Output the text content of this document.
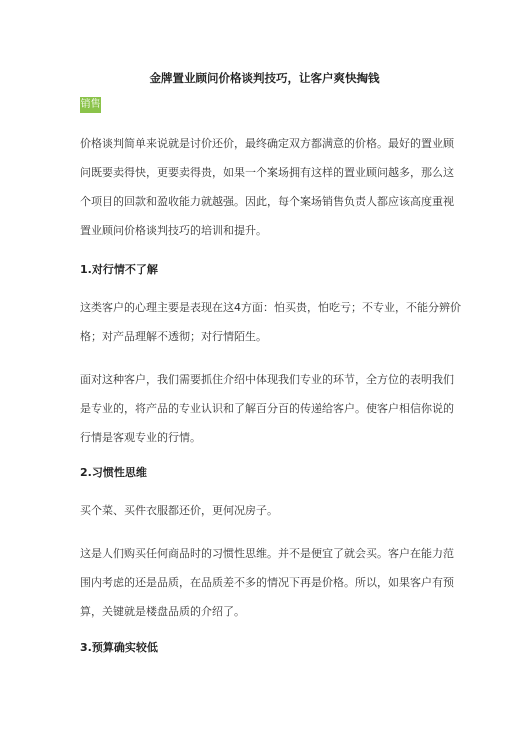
金牌置业顾问价格谈判技巧，让客户爽快掏钱
销售
价格谈判简单来说就是讨价还价，最终确定双方都满意的价格。最好的置业顾
问既要卖得快，更要卖得贵，如果一个案场拥有这样的置业顾问越多，那么这
个项目的回款和盈收能力就越强。因此，每个案场销售负责人都应该高度重视
置业顾问价格谈判技巧的培训和提升。
1.对行情不了解
这类客户的心理主要是表现在这4方面：怕买贵，怕吃亏；不专业，不能分辨价
格；对产品理解不透彻；对行情陌生。
面对这种客户，我们需要抓住介绍中体现我们专业的环节，全方位的表明我们
是专业的，将产品的专业认识和了解百分百的传递给客户。使客户相信你说的
行情是客观专业的行情。
2.习惯性思维
买个菜、买件衣服都还价，更何况房子。
这是人们购买任何商品时的习惯性思维。并不是便宜了就会买。客户在能力范
围内考虑的还是品质，在品质差不多的情况下再是价格。所以，如果客户有预
算，关键就是楼盘品质的介绍了。
3.预算确实较低
